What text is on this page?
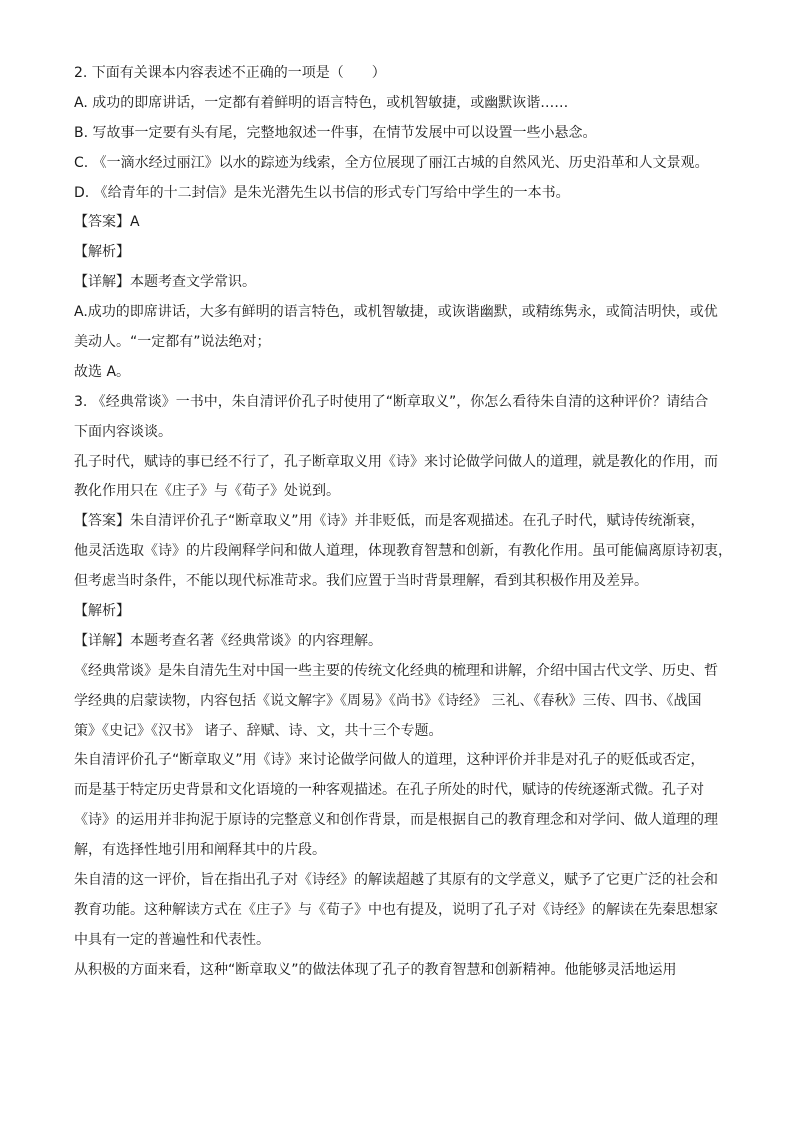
2. 下面有关课本内容表述不正确的一项是（　　）
A. 成功的即席讲话，一定都有着鲜明的语言特色，或机智敏捷，或幽默诙谐……
B. 写故事一定要有头有尾，完整地叙述一件事，在情节发展中可以设置一些小悬念。
C. 《一滴水经过丽江》以水的踪迹为线索，全方位展现了丽江古城的自然风光、历史沿革和人文景观。
D. 《给青年的十二封信》是朱光潜先生以书信的形式专门写给中学生的一本书。
【答案】A
【解析】
【详解】本题考查文学常识。
A.成功的即席讲话，大多有鲜明的语言特色，或机智敏捷，或诙谐幽默，或精练隽永，或简洁明快，或优
美动人。“一定都有”说法绝对；
故选 A。
3. 《经典常谈》一书中，朱自清评价孔子时使用了“断章取义”，你怎么看待朱自清的这种评价？请结合
下面内容谈谈。
孔子时代，赋诗的事已经不行了，孔子断章取义用《诗》来讨论做学问做人的道理，就是教化的作用，而
教化作用只在《庄子》与《荀子》处说到。
【答案】朱自清评价孔子“断章取义”用《诗》并非贬低，而是客观描述。在孔子时代，赋诗传统渐衰，
他灵活选取《诗》的片段阐释学问和做人道理，体现教育智慧和创新，有教化作用。虽可能偏离原诗初衷，
但考虑当时条件，不能以现代标准苛求。我们应置于当时背景理解，看到其积极作用及差异。
【解析】
【详解】本题考查名著《经典常谈》的内容理解。
《经典常谈》是朱自清先生对中国一些主要的传统文化经典的梳理和讲解，介绍中国古代文学、历史、哲
学经典的启蒙读物，内容包括《说文解字》《周易》《尚书》《诗经》 三礼、《春秋》三传、四书、《战国
策》《史记》《汉书》 诸子、辞赋、诗、文，共十三个专题。
朱自清评价孔子“断章取义”用《诗》来讨论做学问做人的道理，这种评价并非是对孔子的贬低或否定，
而是基于特定历史背景和文化语境的一种客观描述。在孔子所处的时代，赋诗的传统逐渐式微。孔子对
《诗》的运用并非拘泥于原诗的完整意义和创作背景，而是根据自己的教育理念和对学问、做人道理的理
解，有选择性地引用和阐释其中的片段。
朱自清的这一评价，旨在指出孔子对《诗经》的解读超越了其原有的文学意义，赋予了它更广泛的社会和
教育功能。这种解读方式在《庄子》与《荀子》中也有提及，说明了孔子对《诗经》的解读在先秦思想家
中具有一定的普遍性和代表性。
从积极的方面来看，这种“断章取义”的做法体现了孔子的教育智慧和创新精神。他能够灵活地运用
